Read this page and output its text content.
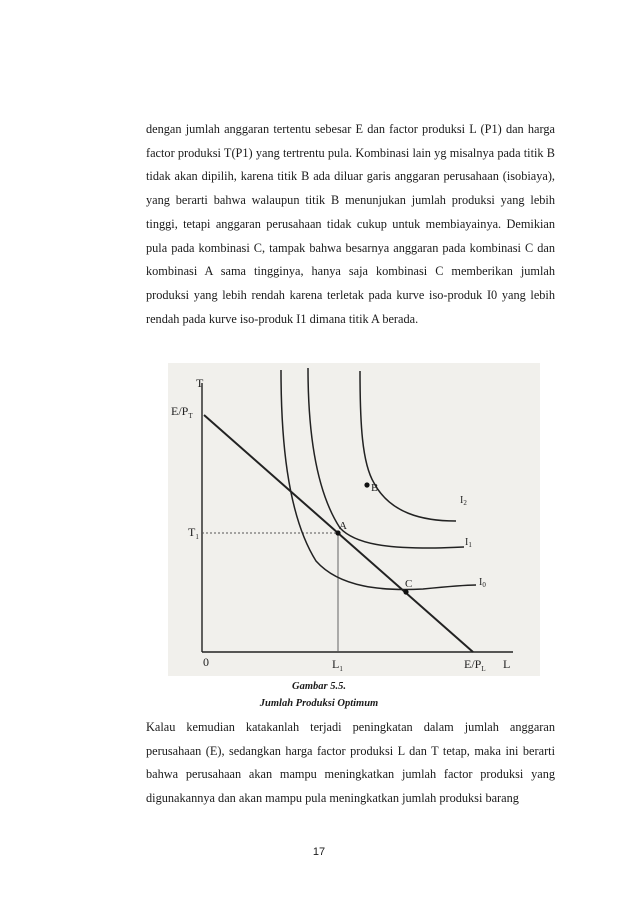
dengan jumlah anggaran tertentu sebesar E dan factor produksi L (P1) dan harga factor produksi T(P1) yang tertrentu pula. Kombinasi lain yg misalnya pada titik B tidak akan dipilih, karena titik B ada diluar garis anggaran perusahaan (isobiaya), yang berarti bahwa walaupun titik B menunjukan jumlah produksi yang lebih tinggi, tetapi anggaran perusahaan tidak cukup untuk membiayainya. Demikian pula pada kombinasi C, tampak bahwa besarnya anggaran pada kombinasi C dan kombinasi A sama tingginya, hanya saja kombinasi C memberikan jumlah produksi yang lebih rendah karena terletak pada kurve iso-produk I0 yang lebih rendah pada kurve iso-produk I1 dimana titik A berada.

T
$E/P_T$
$T_1$
0	$L_1$	$E/P_L$ L
A
B
C
$I_2$
$I_1$
$I_0$
Gambar 5.5.
Jumlah Produksi Optimum

Kalau kemudian katakanlah terjadi peningkatan dalam jumlah anggaran perusahaan (E), sedangkan harga factor produksi L dan T tetap, maka ini berarti bahwa perusahaan akan mampu meningkatkan jumlah factor produksi yang digunakannya dan akan mampu pula meningkatkan jumlah produksi barang

17
